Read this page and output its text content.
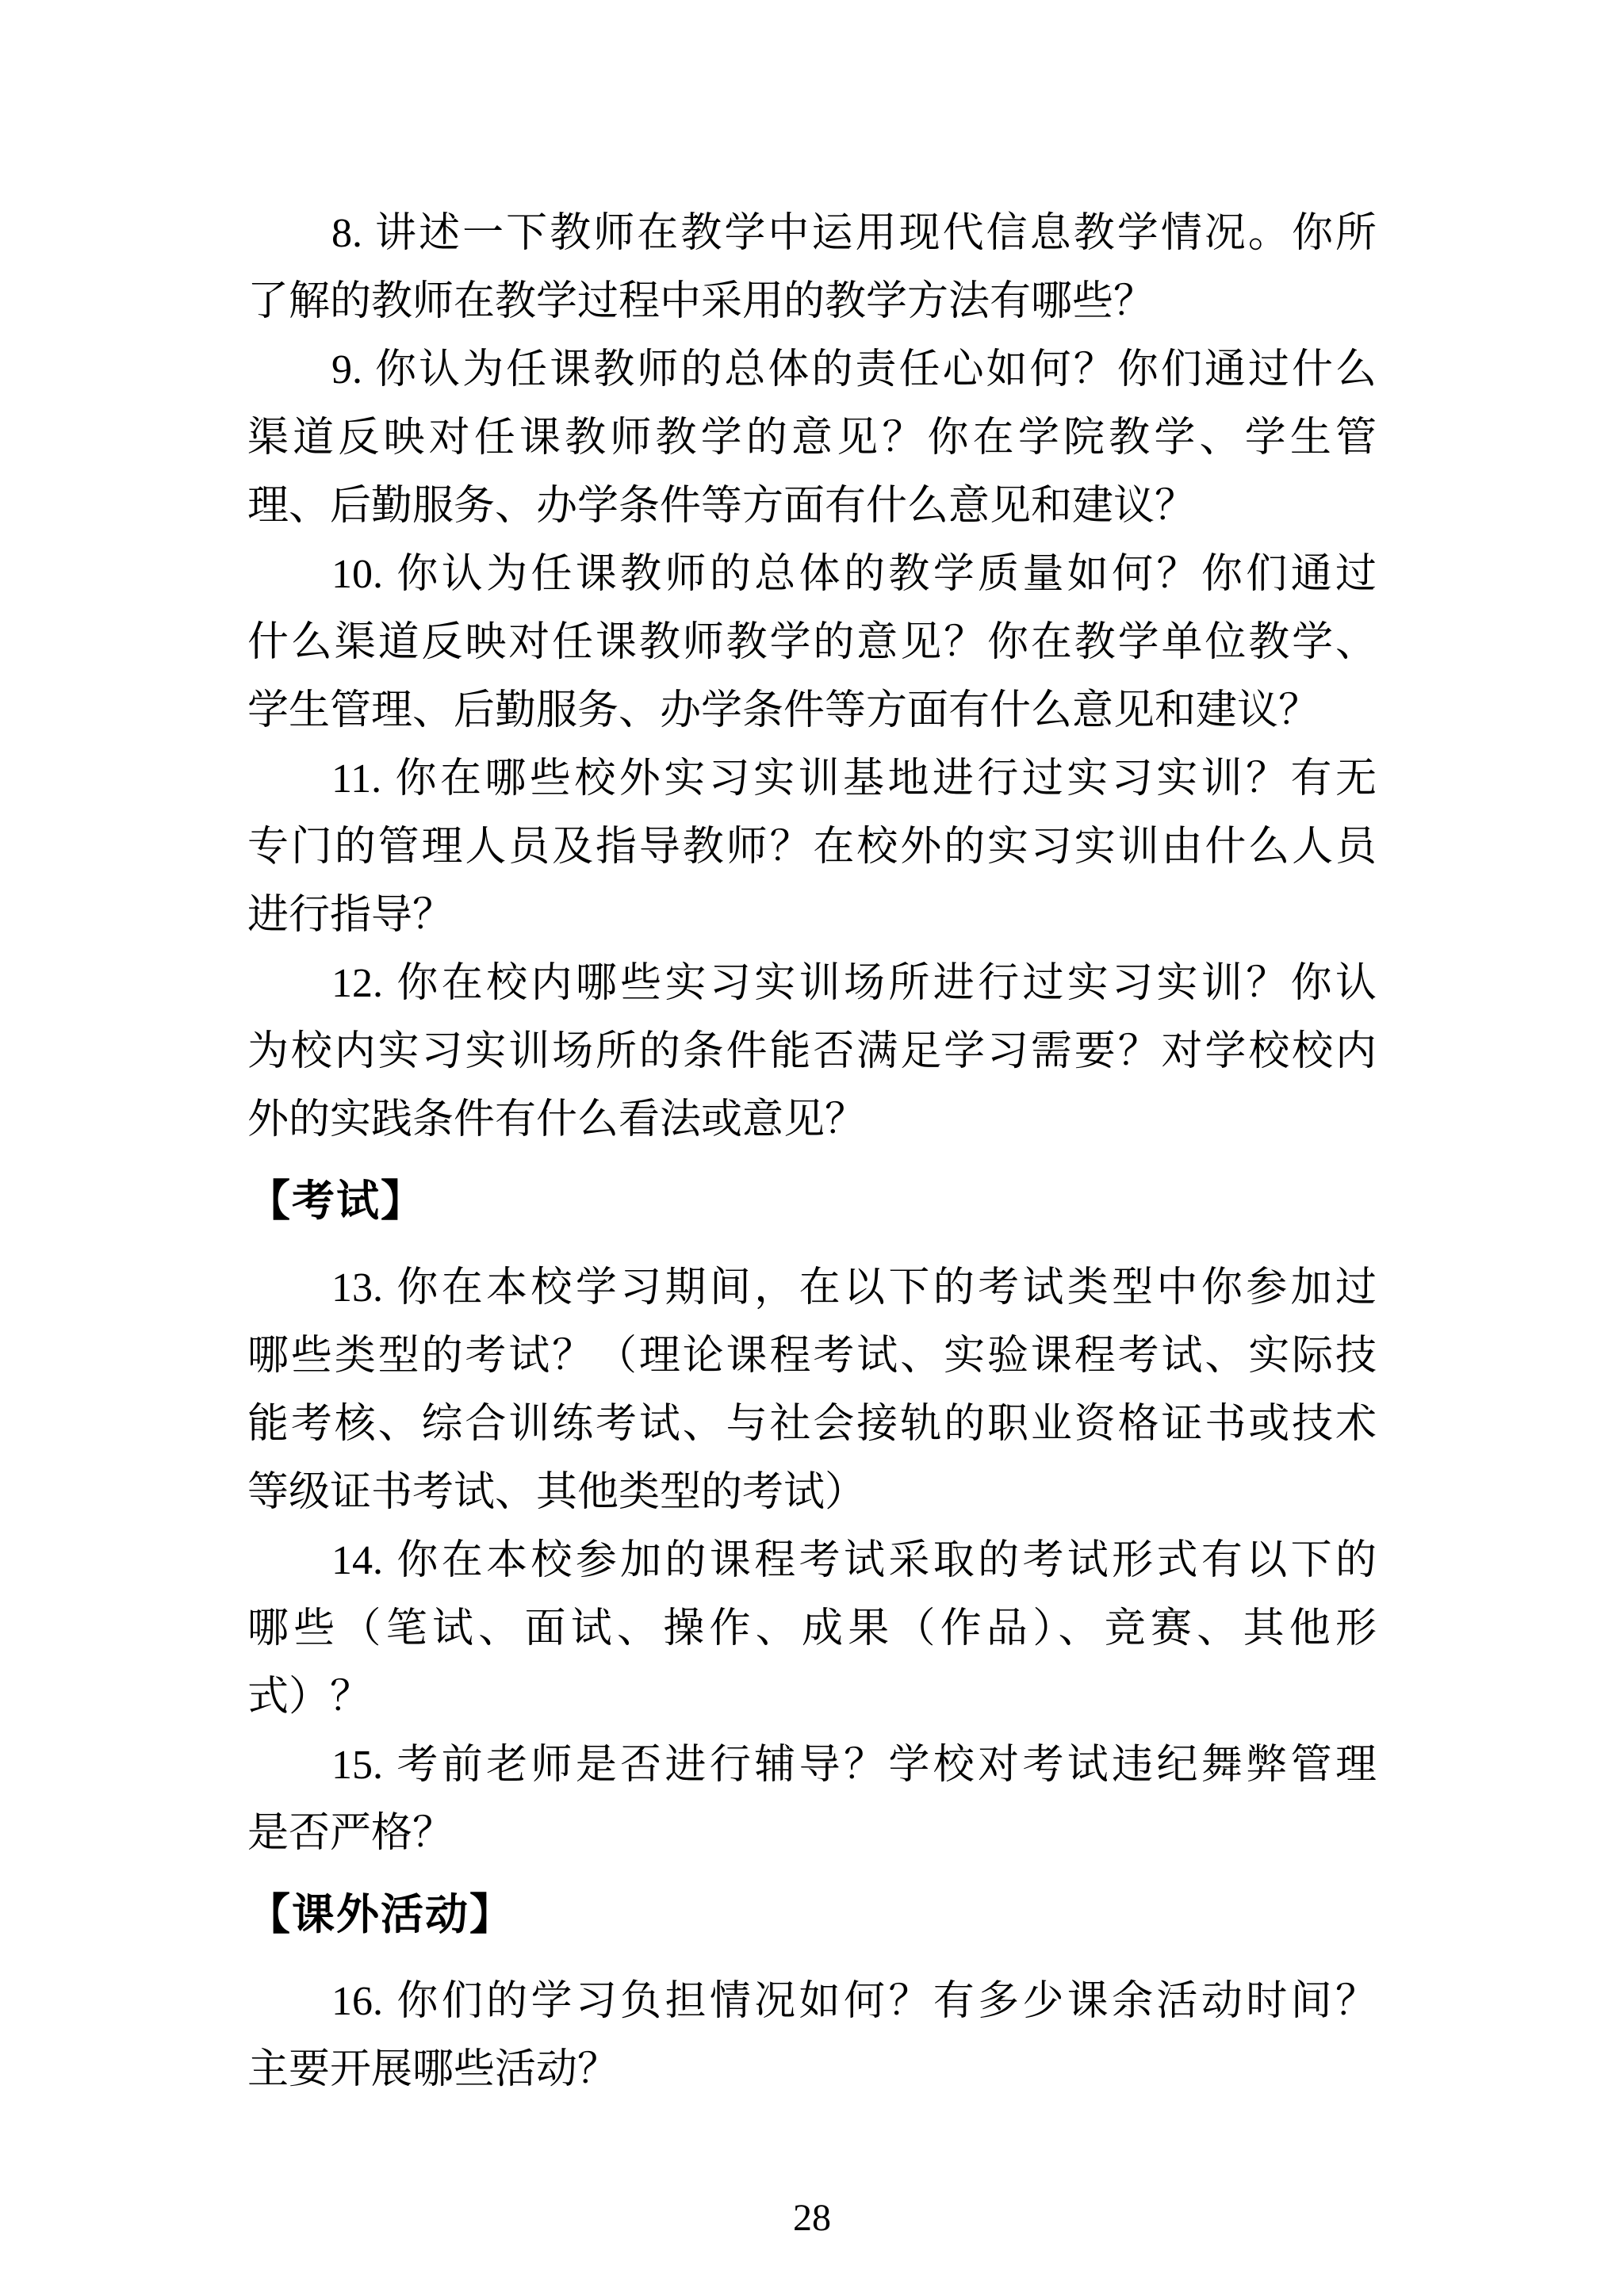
8. 讲述一下教师在教学中运用现代信息教学情况。你所
了解的教师在教学过程中采用的教学方法有哪些？
9. 你认为任课教师的总体的责任心如何？你们通过什么
渠道反映对任课教师教学的意见？你在学院教学、学生管
理、后勤服务、办学条件等方面有什么意见和建议？
10. 你认为任课教师的总体的教学质量如何？你们通过
什么渠道反映对任课教师教学的意见？你在教学单位教学、
学生管理、后勤服务、办学条件等方面有什么意见和建议？
11. 你在哪些校外实习实训基地进行过实习实训？有无
专门的管理人员及指导教师？在校外的实习实训由什么人员
进行指导？
12. 你在校内哪些实习实训场所进行过实习实训？你认
为校内实习实训场所的条件能否满足学习需要？对学校校内
外的实践条件有什么看法或意见？
【考试】
13. 你在本校学习期间，在以下的考试类型中你参加过
哪些类型的考试？（理论课程考试、实验课程考试、实际技
能考核、综合训练考试、与社会接轨的职业资格证书或技术
等级证书考试、其他类型的考试）
14. 你在本校参加的课程考试采取的考试形式有以下的
哪些（笔试、面试、操作、成果（作品）、竞赛、其他形
式）？
15. 考前老师是否进行辅导？学校对考试违纪舞弊管理
是否严格？
【课外活动】
16. 你们的学习负担情况如何？有多少课余活动时间？
主要开展哪些活动？
28
